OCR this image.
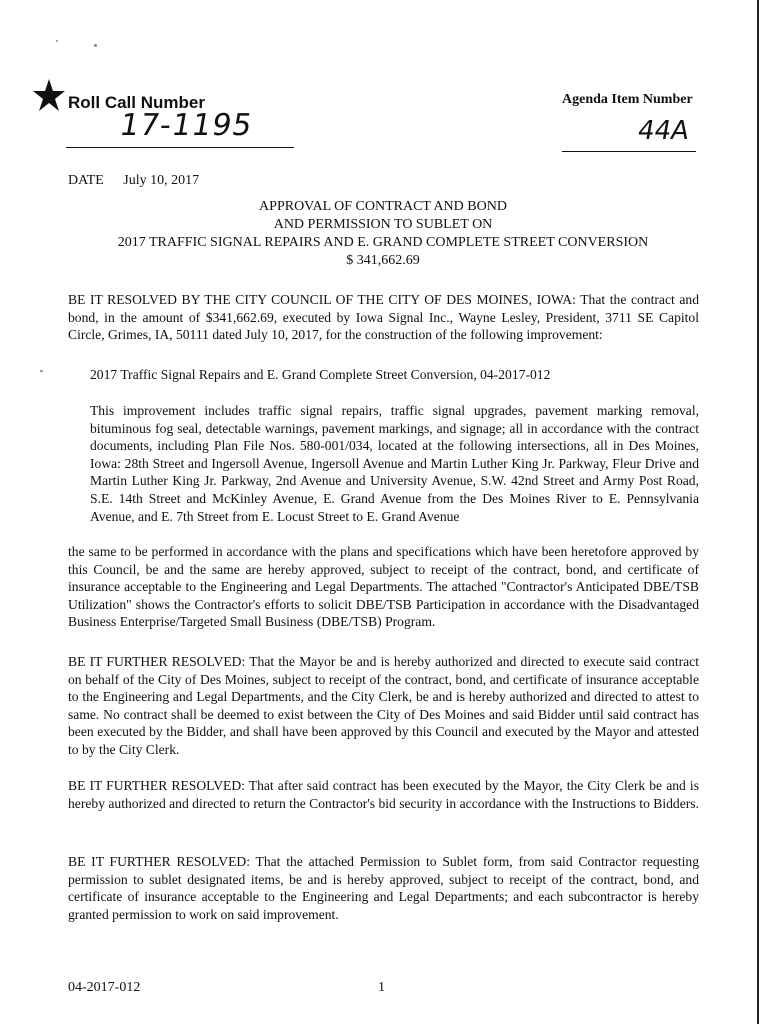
Roll Call Number
17-1195
Agenda Item Number
44A
DATE July 10, 2017
APPROVAL OF CONTRACT AND BOND
AND PERMISSION TO SUBLET ON
2017 TRAFFIC SIGNAL REPAIRS AND E. GRAND COMPLETE STREET CONVERSION
$ 341,662.69

BE IT RESOLVED BY THE CITY COUNCIL OF THE CITY OF DES MOINES, IOWA: That the contract and bond, in the amount of $341,662.69, executed by Iowa Signal Inc., Wayne Lesley, President, 3711 SE Capitol Circle, Grimes, IA, 50111 dated July 10, 2017, for the construction of the following improvement:

2017 Traffic Signal Repairs and E. Grand Complete Street Conversion, 04-2017-012

This improvement includes traffic signal repairs, traffic signal upgrades, pavement marking removal, bituminous fog seal, detectable warnings, pavement markings, and signage; all in accordance with the contract documents, including Plan File Nos. 580-001/034, located at the following intersections, all in Des Moines, Iowa: 28th Street and Ingersoll Avenue, Ingersoll Avenue and Martin Luther King Jr. Parkway, Fleur Drive and Martin Luther King Jr. Parkway, 2nd Avenue and University Avenue, S.W. 42nd Street and Army Post Road, S.E. 14th Street and McKinley Avenue, E. Grand Avenue from the Des Moines River to E. Pennsylvania Avenue, and E. 7th Street from E. Locust Street to E. Grand Avenue

the same to be performed in accordance with the plans and specifications which have been heretofore approved by this Council, be and the same are hereby approved, subject to receipt of the contract, bond, and certificate of insurance acceptable to the Engineering and Legal Departments. The attached "Contractor's Anticipated DBE/TSB Utilization" shows the Contractor's efforts to solicit DBE/TSB Participation in accordance with the Disadvantaged Business Enterprise/Targeted Small Business (DBE/TSB) Program.

BE IT FURTHER RESOLVED: That the Mayor be and is hereby authorized and directed to execute said contract on behalf of the City of Des Moines, subject to receipt of the contract, bond, and certificate of insurance acceptable to the Engineering and Legal Departments, and the City Clerk, be and is hereby authorized and directed to attest to same. No contract shall be deemed to exist between the City of Des Moines and said Bidder until said contract has been executed by the Bidder, and shall have been approved by this Council and executed by the Mayor and attested to by the City Clerk.

BE IT FURTHER RESOLVED: That after said contract has been executed by the Mayor, the City Clerk be and is hereby authorized and directed to return the Contractor's bid security in accordance with the Instructions to Bidders.

BE IT FURTHER RESOLVED: That the attached Permission to Sublet form, from said Contractor requesting permission to sublet designated items, be and is hereby approved, subject to receipt of the contract, bond, and certificate of insurance acceptable to the Engineering and Legal Departments; and each subcontractor is hereby granted permission to work on said improvement.

04-2017-012	1
